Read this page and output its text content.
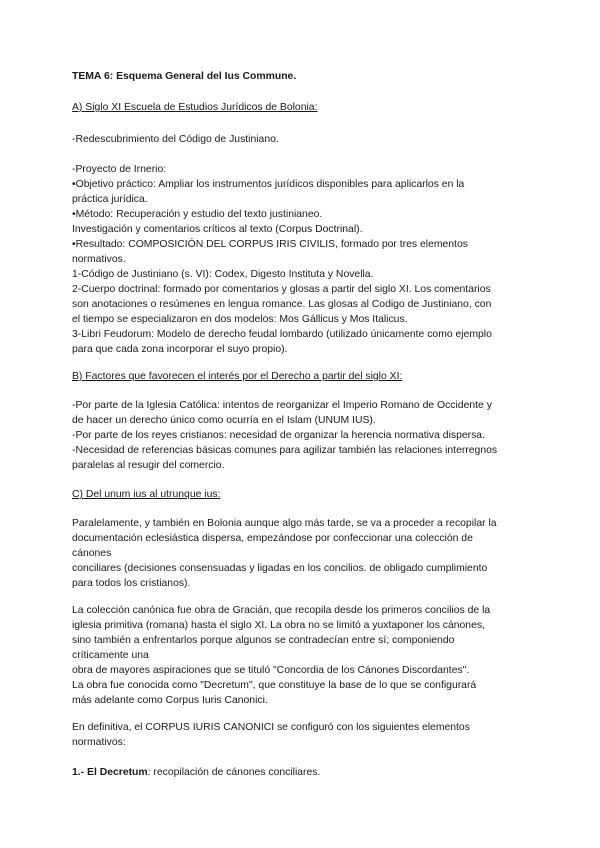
TEMA 6: Esquema General del Ius Commune.
A) Siglo XI Escuela de Estudios Jurídicos de Bolonia:
-Redescubrimiento del Código de Justiniano.
-Proyecto de Irnerio:
•Objetivo práctico: Ampliar los instrumentos jurídicos disponibles para aplicarlos en la
práctica jurídica.
•Método: Recuperación y estudio del texto justinianeo.
Investigación y comentarios críticos al texto (Corpus Doctrinal).
•Resultado: COMPOSICIÓN DEL CORPUS IRIS CIVILIS, formado por tres elementos
normativos.
1-Código de Justiniano (s. VI): Codex, Digesto Instituta y Novella.
2-Cuerpo doctrinal: formado por comentarios y glosas a partir del siglo XI. Los comentarios
son anotaciones o resúmenes en lengua romance. Las glosas al Codigo de Justiniano, con
el tiempo se especializaron en dos modelos: Mos Gállicus y Mos Italicus.
3-Libri Feudorum: Modelo de derecho feudal lombardo (utilizado únicamente como ejemplo
para que cada zona incorporar el suyo propio).
B) Factores que favorecen el interés por el Derecho a partir del siglo XI:
-Por parte de la Iglesia Católica: intentos de reorganizar el Imperio Romano de Occidente y
de hacer un derecho único como ocurría en el Islam (UNUM IUS).
-Por parte de los reyes cristianos: necesidad de organizar la herencia normativa dispersa.
-Necesidad de referencias básicas comunes para agilizar también las relaciones interregnos
paralelas al resugir del comercio.
C) Del unum ius al utrunque ius:
Paralelamente, y también en Bolonia aunque algo más tarde, se va a proceder a recopilar la
documentación eclesiástica dispersa, empezándose por confeccionar una colección de
cánones
conciliares (decisiones consensuadas y ligadas en los concilios. de obligado cumplimiento
para todos los cristianos).
La colección canónica fue obra de Gracián, que recopila desde los primeros concilios de la
iglesia primitiva (romana) hasta el siglo XI. La obra no se limitó a yuxtaponer los cánones,
sino también a enfrentarlos porque algunos se contradecían entre sí; componiendo
críticamente una
obra de mayores aspiraciones que se tituló "Concordia de los Cánones Discordantes".
La obra fue conocida como "Decretum", que constituye la base de lo que se configurará
más adelante como Corpus Iuris Canonici.
En definitiva, el CORPUS IURIS CANONICI se configuró con los siguientes elementos
normativos:
1.- El Decretum: recopilación de cánones conciliares.
